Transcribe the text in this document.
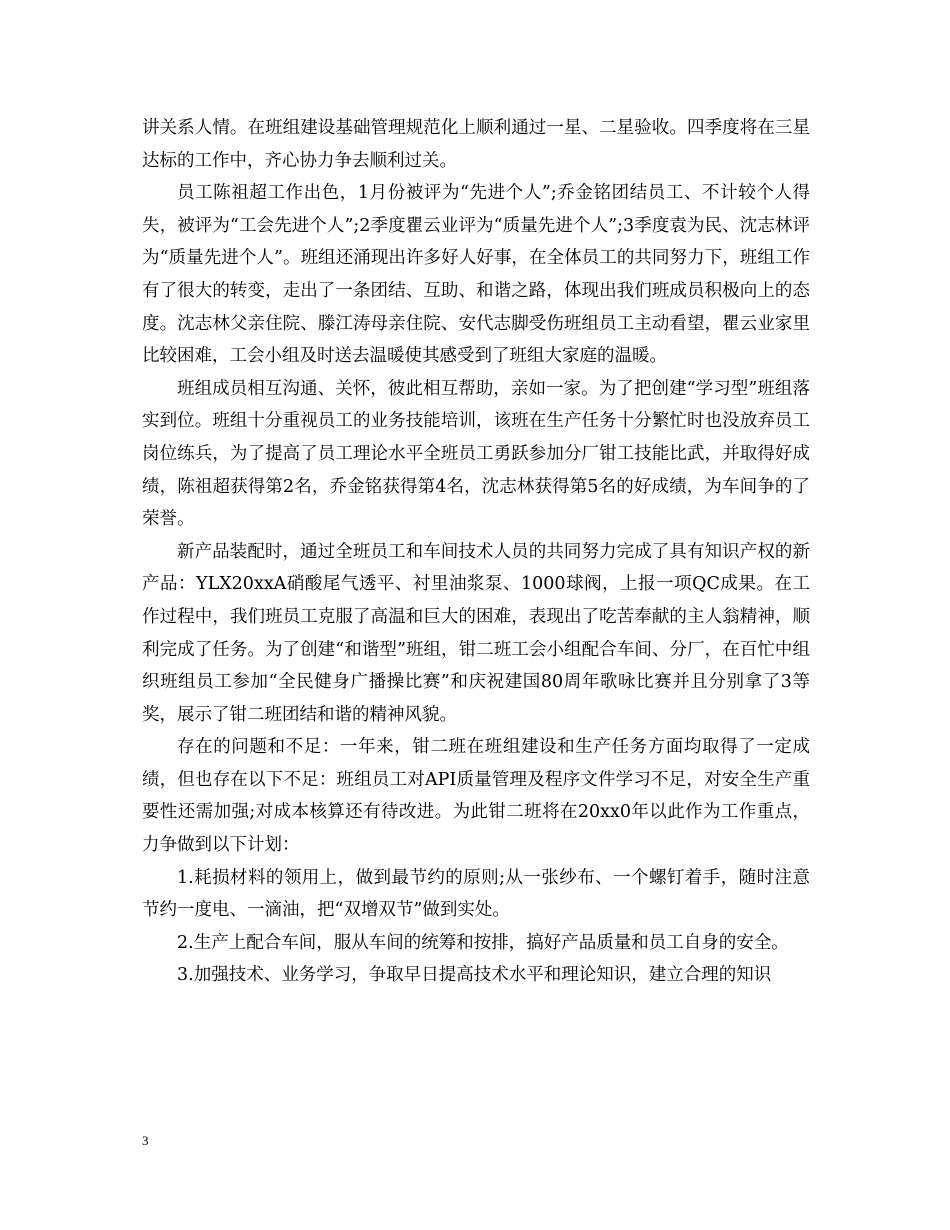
讲关系人情。在班组建设基础管理规范化上顺利通过一星、二星验收。四季度将在三星达标的工作中，齐心协力争去顺利过关。

员工陈祖超工作出色，1月份被评为“先进个人”;乔金铭团结员工、不计较个人得失，被评为“工会先进个人”;2季度瞿云业评为“质量先进个人”;3季度袁为民、沈志林评为“质量先进个人”。班组还涌现出许多好人好事，在全体员工的共同努力下，班组工作有了很大的转变，走出了一条团结、互助、和谐之路，体现出我们班成员积极向上的态度。沈志林父亲住院、滕江涛母亲住院、安代志脚受伤班组员工主动看望，瞿云业家里比较困难，工会小组及时送去温暖使其感受到了班组大家庭的温暖。

班组成员相互沟通、关怀，彼此相互帮助，亲如一家。为了把创建“学习型”班组落实到位。班组十分重视员工的业务技能培训，该班在生产任务十分繁忙时也没放弃员工岗位练兵，为了提高了员工理论水平全班员工勇跃参加分厂钳工技能比武，并取得好成绩，陈祖超获得第2名，乔金铭获得第4名，沈志林获得第5名的好成绩，为车间争的了荣誉。

新产品装配时，通过全班员工和车间技术人员的共同努力完成了具有知识产权的新产品：YLX20xxA硝酸尾气透平、衬里油浆泵、1000球阀，上报一项QC成果。在工作过程中，我们班员工克服了高温和巨大的困难，表现出了吃苦奉献的主人翁精神，顺利完成了任务。为了创建“和谐型”班组，钳二班工会小组配合车间、分厂，在百忙中组织班组员工参加“全民健身广播操比赛”和庆祝建国80周年歌咏比赛并且分别拿了3等奖，展示了钳二班团结和谐的精神风貌。

存在的问题和不足：一年来，钳二班在班组建设和生产任务方面均取得了一定成绩，但也存在以下不足：班组员工对API质量管理及程序文件学习不足，对安全生产重要性还需加强;对成本核算还有待改进。为此钳二班将在20xx0年以此作为工作重点，力争做到以下计划：

1.耗损材料的领用上，做到最节约的原则;从一张纱布、一个螺钉着手，随时注意节约一度电、一滴油，把“双增双节”做到实处。

2.生产上配合车间，服从车间的统筹和按排，搞好产品质量和员工自身的安全。

3.加强技术、业务学习，争取早日提高技术水平和理论知识，建立合理的知识

3
